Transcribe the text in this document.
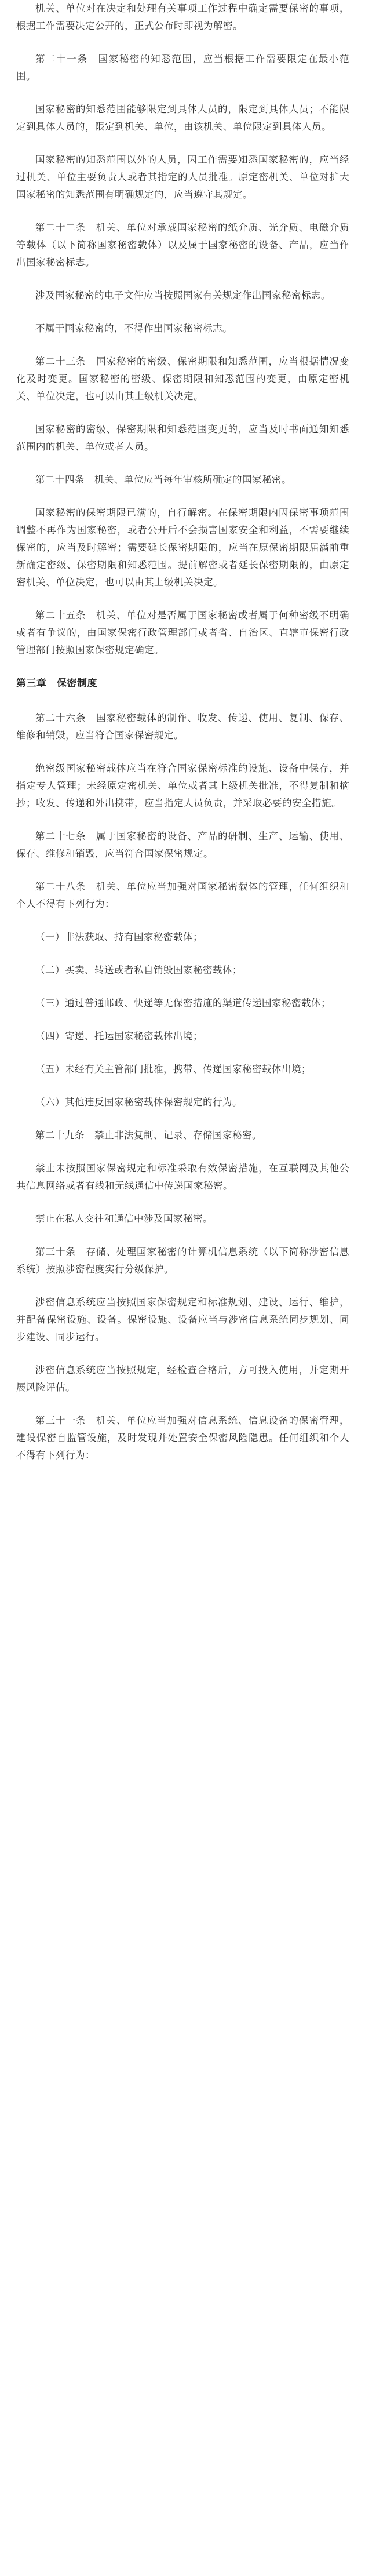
机关、单位对在决定和处理有关事项工作过程中确定需要保密的事项，根据工作需要决定公开的，正式公布时即视为解密。

第二十一条　国家秘密的知悉范围，应当根据工作需要限定在最小范围。

国家秘密的知悉范围能够限定到具体人员的，限定到具体人员；不能限定到具体人员的，限定到机关、单位，由该机关、单位限定到具体人员。

国家秘密的知悉范围以外的人员，因工作需要知悉国家秘密的，应当经过机关、单位主要负责人或者其指定的人员批准。原定密机关、单位对扩大国家秘密的知悉范围有明确规定的，应当遵守其规定。

第二十二条　机关、单位对承载国家秘密的纸介质、光介质、电磁介质等载体（以下简称国家秘密载体）以及属于国家秘密的设备、产品，应当作出国家秘密标志。

涉及国家秘密的电子文件应当按照国家有关规定作出国家秘密标志。

不属于国家秘密的，不得作出国家秘密标志。

第二十三条　国家秘密的密级、保密期限和知悉范围，应当根据情况变化及时变更。国家秘密的密级、保密期限和知悉范围的变更，由原定密机关、单位决定，也可以由其上级机关决定。

国家秘密的密级、保密期限和知悉范围变更的，应当及时书面通知知悉范围内的机关、单位或者人员。

第二十四条　机关、单位应当每年审核所确定的国家秘密。

国家秘密的保密期限已满的，自行解密。在保密期限内因保密事项范围调整不再作为国家秘密，或者公开后不会损害国家安全和利益，不需要继续保密的，应当及时解密；需要延长保密期限的，应当在原保密期限届满前重新确定密级、保密期限和知悉范围。提前解密或者延长保密期限的，由原定密机关、单位决定，也可以由其上级机关决定。

第二十五条　机关、单位对是否属于国家秘密或者属于何种密级不明确或者有争议的，由国家保密行政管理部门或者省、自治区、直辖市保密行政管理部门按照国家保密规定确定。

第三章　保密制度

第二十六条　国家秘密载体的制作、收发、传递、使用、复制、保存、维修和销毁，应当符合国家保密规定。

绝密级国家秘密载体应当在符合国家保密标准的设施、设备中保存，并指定专人管理；未经原定密机关、单位或者其上级机关批准，不得复制和摘抄；收发、传递和外出携带，应当指定人员负责，并采取必要的安全措施。

第二十七条　属于国家秘密的设备、产品的研制、生产、运输、使用、保存、维修和销毁，应当符合国家保密规定。

第二十八条　机关、单位应当加强对国家秘密载体的管理，任何组织和个人不得有下列行为：

（一）非法获取、持有国家秘密载体；

（二）买卖、转送或者私自销毁国家秘密载体；

（三）通过普通邮政、快递等无保密措施的渠道传递国家秘密载体；

（四）寄递、托运国家秘密载体出境；

（五）未经有关主管部门批准，携带、传递国家秘密载体出境；

（六）其他违反国家秘密载体保密规定的行为。

第二十九条　禁止非法复制、记录、存储国家秘密。

禁止未按照国家保密规定和标准采取有效保密措施，在互联网及其他公共信息网络或者有线和无线通信中传递国家秘密。

禁止在私人交往和通信中涉及国家秘密。

第三十条　存储、处理国家秘密的计算机信息系统（以下简称涉密信息系统）按照涉密程度实行分级保护。

涉密信息系统应当按照国家保密规定和标准规划、建设、运行、维护，并配备保密设施、设备。保密设施、设备应当与涉密信息系统同步规划、同步建设、同步运行。

涉密信息系统应当按照规定，经检查合格后，方可投入使用，并定期开展风险评估。

第三十一条　机关、单位应当加强对信息系统、信息设备的保密管理，建设保密自监管设施，及时发现并处置安全保密风险隐患。任何组织和个人不得有下列行为：
